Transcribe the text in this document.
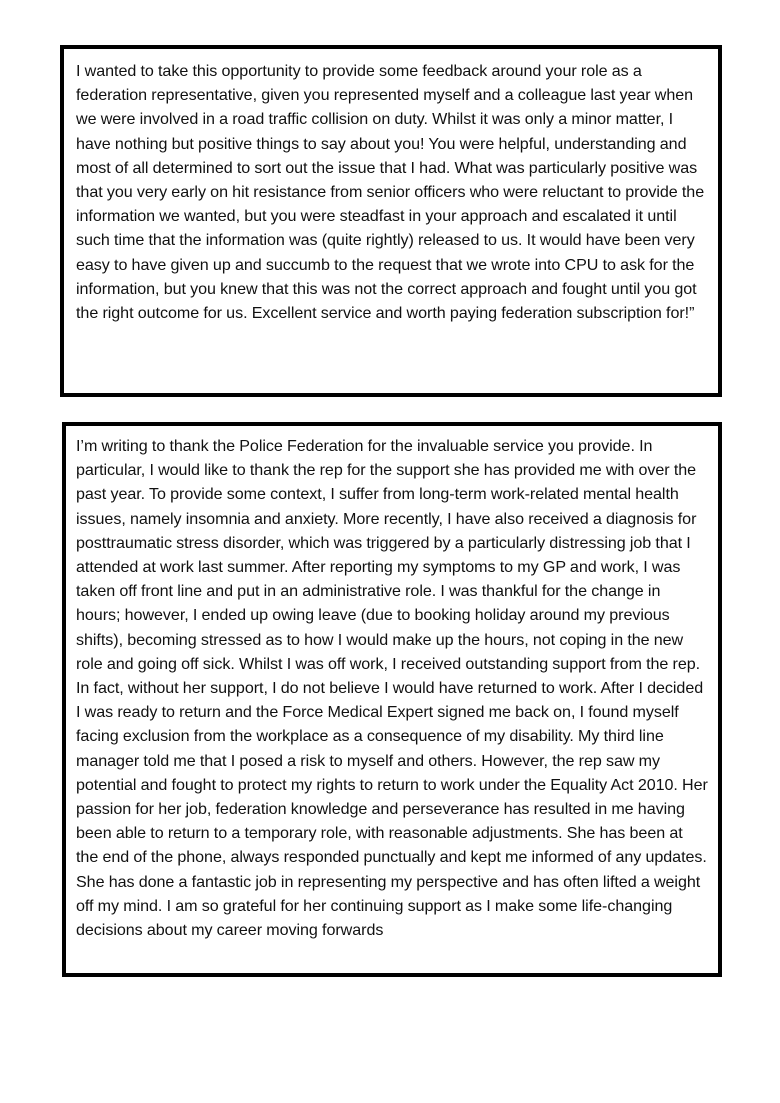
I wanted to take this opportunity to provide some feedback around your role as a federation representative, given you represented myself and a colleague last year when we were involved in a road traffic collision on duty. Whilst it was only a minor matter, I have nothing but positive things to say about you! You were helpful, understanding and most of all determined to sort out the issue that I had. What was particularly positive was that you very early on hit resistance from senior officers who were reluctant to provide the information we wanted, but you were steadfast in your approach and escalated it until such time that the information was (quite rightly) released to us. It would have been very easy to have given up and succumb to the request that we wrote into CPU to ask for the information, but you knew that this was not the correct approach and fought until you got the right outcome for us. Excellent service and worth paying federation subscription for!”

I’m writing to thank the Police Federation for the invaluable service you provide. In particular, I would like to thank the rep for the support she has provided me with over the past year. To provide some context, I suffer from long-term work-related mental health issues, namely insomnia and anxiety. More recently, I have also received a diagnosis for posttraumatic stress disorder, which was triggered by a particularly distressing job that I attended at work last summer. After reporting my symptoms to my GP and work, I was taken off front line and put in an administrative role. I was thankful for the change in hours; however, I ended up owing leave (due to booking holiday around my previous shifts), becoming stressed as to how I would make up the hours, not coping in the new role and going off sick. Whilst I was off work, I received outstanding support from the rep. In fact, without her support, I do not believe I would have returned to work. After I decided I was ready to return and the Force Medical Expert signed me back on, I found myself facing exclusion from the workplace as a consequence of my disability. My third line manager told me that I posed a risk to myself and others. However, the rep saw my potential and fought to protect my rights to return to work under the Equality Act 2010. Her passion for her job, federation knowledge and perseverance has resulted in me having been able to return to a temporary role, with reasonable adjustments. She has been at the end of the phone, always responded punctually and kept me informed of any updates. She has done a fantastic job in representing my perspective and has often lifted a weight off my mind. I am so grateful for her continuing support as I make some life-changing decisions about my career moving forwards
